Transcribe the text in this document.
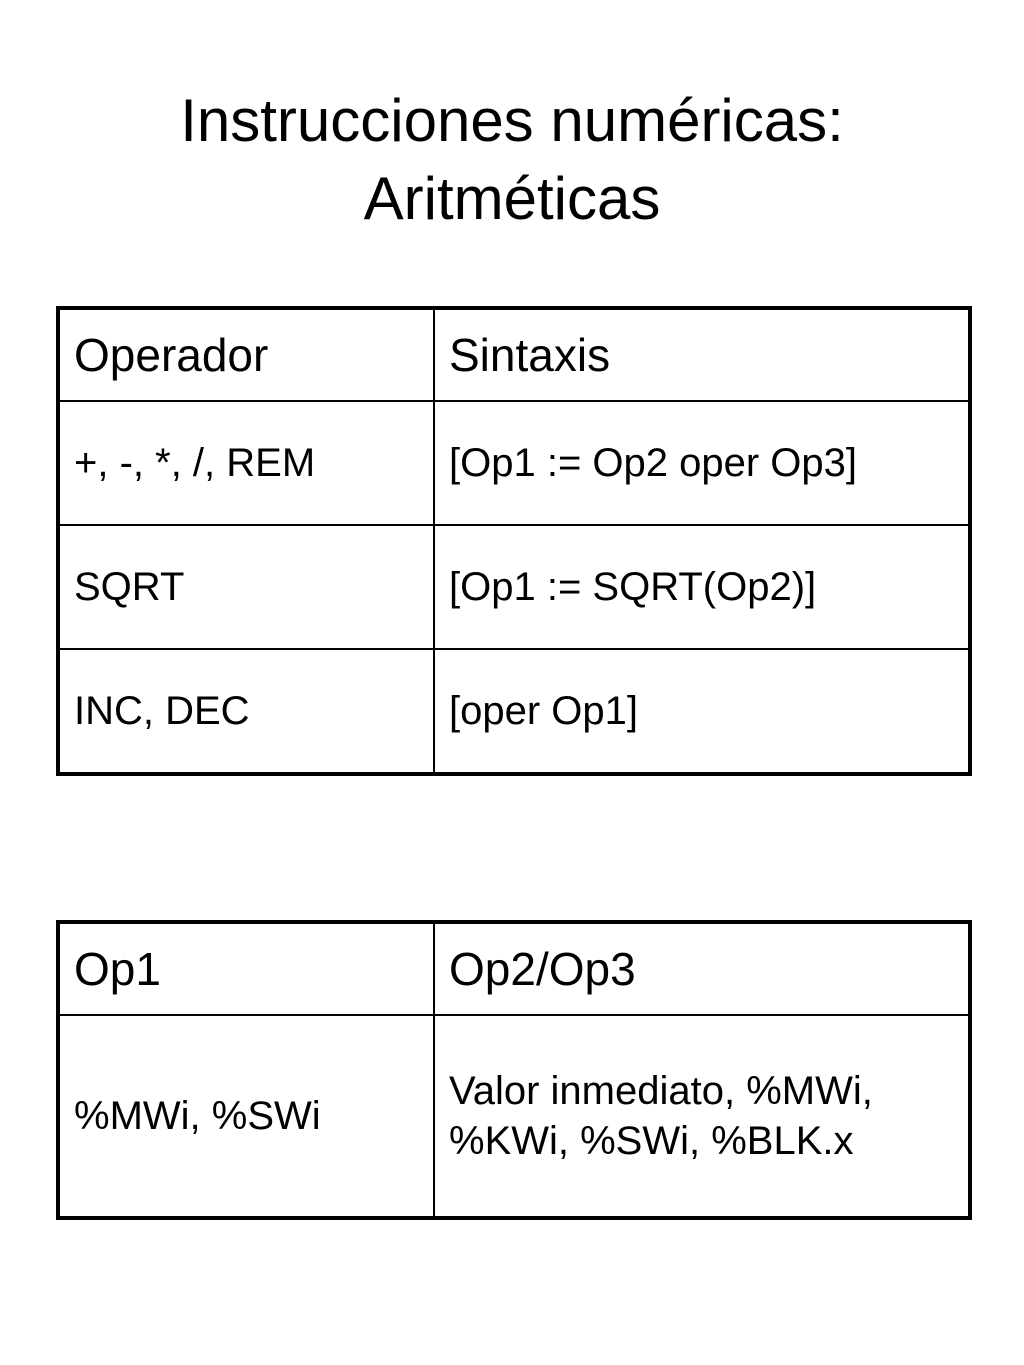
Instrucciones numéricas:
Aritméticas
Operador	Sintaxis
+, -, *, /, REM	[Op1 := Op2 oper Op3]
SQRT	[Op1 := SQRT(Op2)]
INC, DEC	[oper Op1]
Op1	Op2/Op3
%MWi, %SWi	Valor inmediato, %MWi, %KWi, %SWi, %BLK.x
